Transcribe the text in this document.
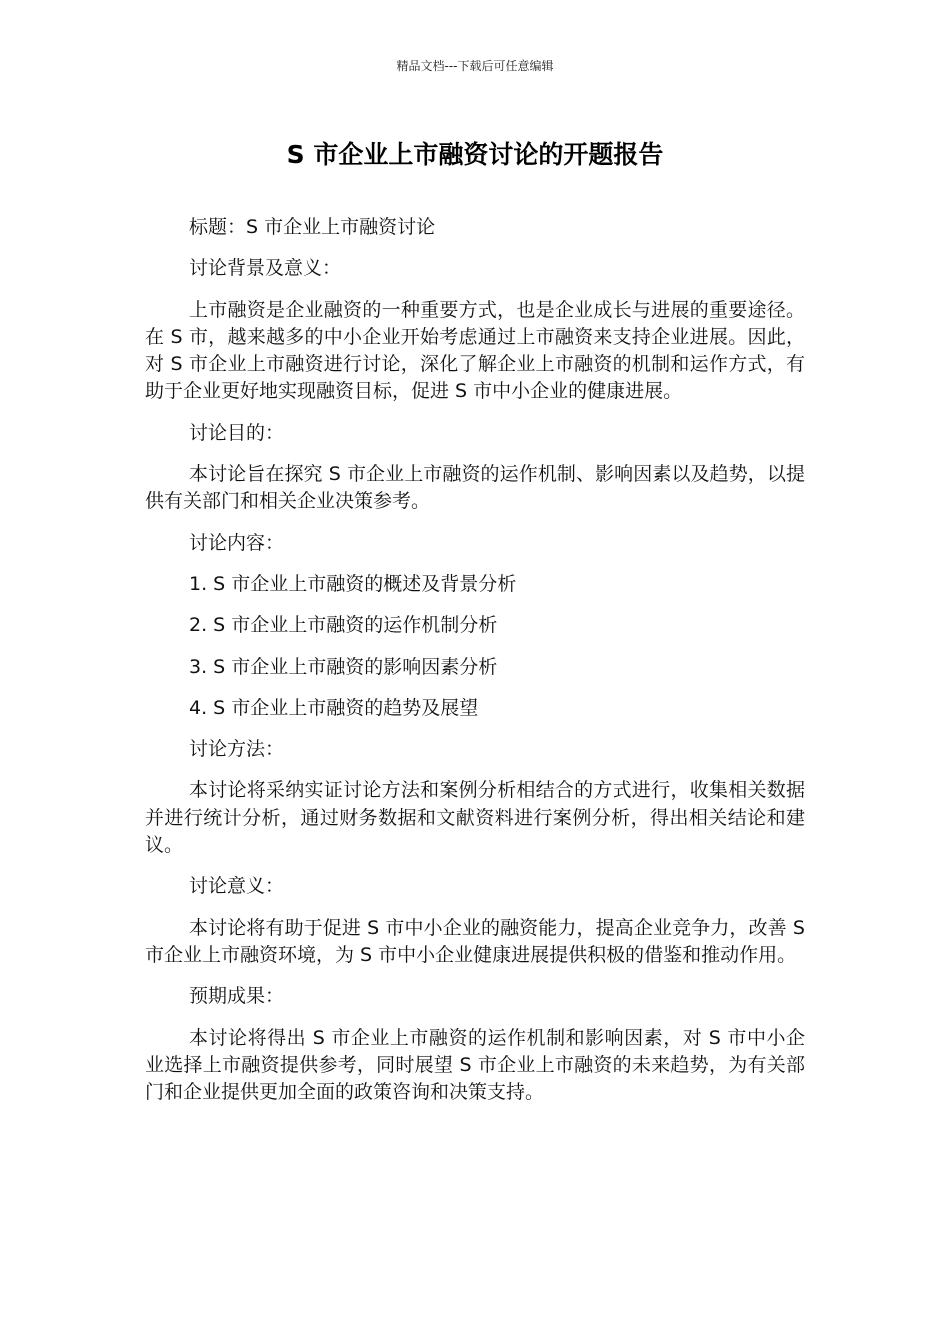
精品文档---下载后可任意编辑
S 市企业上市融资讨论的开题报告

标题：S 市企业上市融资讨论

讨论背景及意义：

上市融资是企业融资的一种重要方式，也是企业成长与进展的重要途径。在 S 市，越来越多的中小企业开始考虑通过上市融资来支持企业进展。因此，对 S 市企业上市融资进行讨论，深化了解企业上市融资的机制和运作方式，有助于企业更好地实现融资目标，促进 S 市中小企业的健康进展。

讨论目的：

本讨论旨在探究 S 市企业上市融资的运作机制、影响因素以及趋势，以提供有关部门和相关企业决策参考。

讨论内容：

1. S 市企业上市融资的概述及背景分析

2. S 市企业上市融资的运作机制分析

3. S 市企业上市融资的影响因素分析

4. S 市企业上市融资的趋势及展望

讨论方法：

本讨论将采纳实证讨论方法和案例分析相结合的方式进行，收集相关数据并进行统计分析，通过财务数据和文献资料进行案例分析，得出相关结论和建议。

讨论意义：

本讨论将有助于促进 S 市中小企业的融资能力，提高企业竞争力，改善 S 市企业上市融资环境，为 S 市中小企业健康进展提供积极的借鉴和推动作用。

预期成果：

本讨论将得出 S 市企业上市融资的运作机制和影响因素，对 S 市中小企业选择上市融资提供参考，同时展望 S 市企业上市融资的未来趋势，为有关部门和企业提供更加全面的政策咨询和决策支持。
